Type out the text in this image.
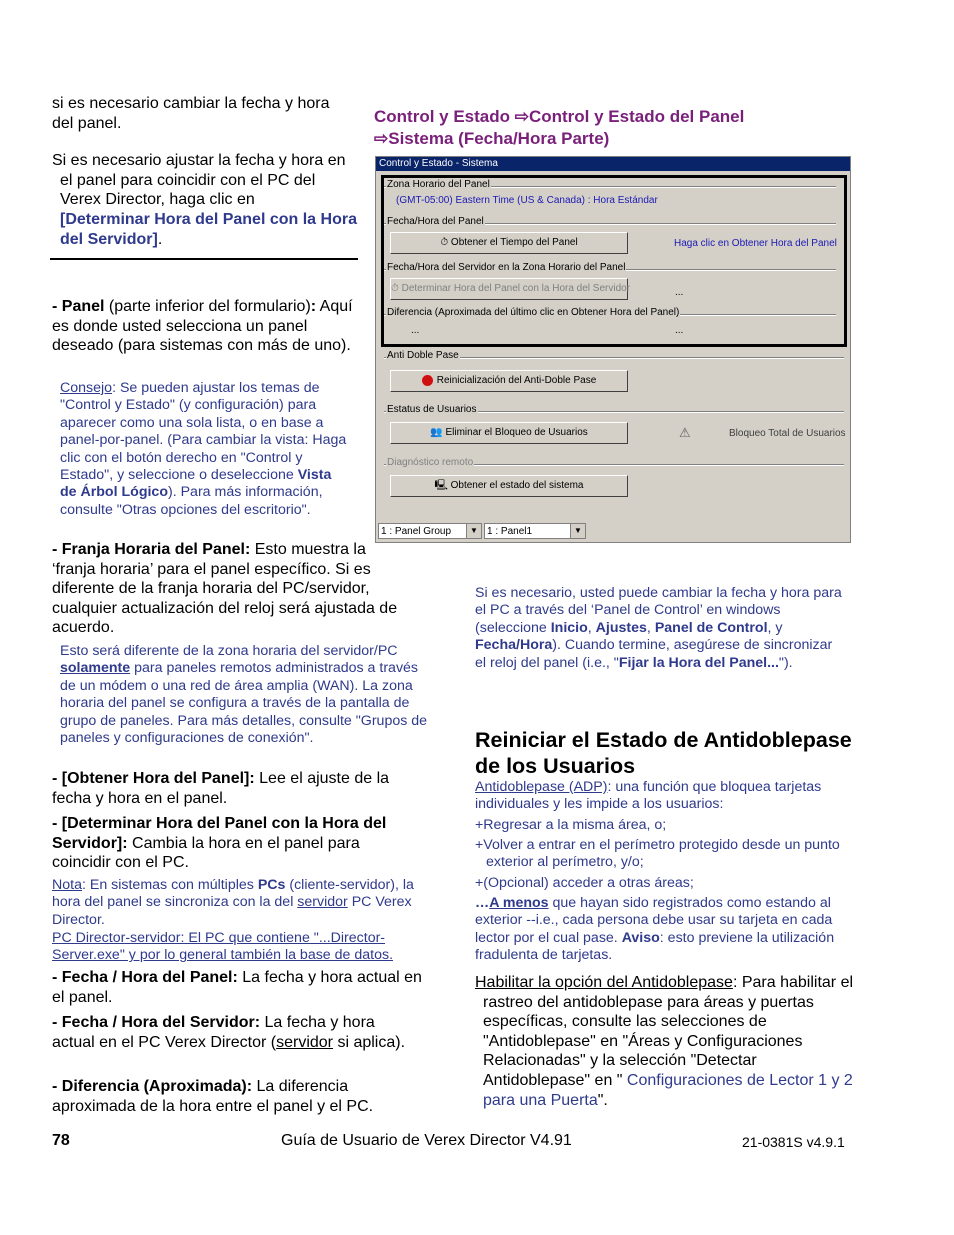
si es necesario cambiar la fecha y hora del panel.

Si es necesario ajustar la fecha y hora en el panel para coincidir con el PC del Verex Director, haga clic en

[Determinar Hora del Panel con la Hora del Servidor].

- Panel (parte inferior del formulario): Aquí es donde usted selecciona un panel deseado (para sistemas con más de uno).

Consejo: Se pueden ajustar los temas de "Control y Estado" (y configuración) para aparecer como una sola lista, o en base a panel-por-panel. (Para cambiar la vista: Haga clic con el botón derecho en "Control y Estado", y seleccione o deseleccione Vista de Árbol Lógico). Para más información, consulte "Otras opciones del escritorio".

- Franja Horaria del Panel: Esto muestra la ‘franja horaria’ para el panel específico. Si es diferente de la franja horaria del PC/servidor, cualquier actualización del reloj será ajustada de acuerdo.

Esto será diferente de la zona horaria del servidor/PC solamente para paneles remotos administrados a través de un módem o una red de área amplia (WAN). La zona horaria del panel se configura a través de la pantalla de grupo de paneles. Para más detalles, consulte "Grupos de paneles y configuraciones de conexión".

- [Obtener Hora del Panel]: Lee el ajuste de la fecha y hora en el panel.

- [Determinar Hora del Panel con la Hora del Servidor]: Cambia la hora en el panel para coincidir con el PC.

Nota: En sistemas con múltiples PCs (cliente-servidor), la hora del panel se sincroniza con la del servidor PC Verex Director.

PC Director-servidor: El PC que contiene "...Director-Server.exe" y por lo general también la base de datos.

- Fecha / Hora del Panel: La fecha y hora actual en el panel.

- Fecha / Hora del Servidor: La fecha y hora actual en el PC Verex Director (servidor si aplica).

- Diferencia (Aproximada): La diferencia aproximada de la hora entre el panel y el PC.

Control y Estado ⇨Control y Estado del Panel ⇨Sistema (Fecha/Hora Parte)

Control y Estado - Sistema
Zona Horario del Panel
(GMT-05:00) Eastern Time (US & Canada) : Hora Estándar
Fecha/Hora del Panel
⏱ Obtener el Tiempo del Panel	Haga clic en Obtener Hora del Panel
Fecha/Hora del Servidor en la Zona Horario del Panel
⏱ Determinar Hora del Panel con la Hora del Servidor	...
Diferencia (Aproximada del último clic en Obtener Hora del Panel)
...	...
Anti Doble Pase
Reinicialización del Anti-Doble Pase
Estatus de Usuarios
👥 Eliminar el Bloqueo de Usuarios	⚠	Bloqueo Total de Usuarios
Diagnóstico remoto
🖳 Obtener el estado del sistema
1 : Panel Group	▼ 1 : Panel1	▼

Si es necesario, usted puede cambiar la fecha y hora para el PC a través del ‘Panel de Control’ en windows (seleccione Inicio, Ajustes, Panel de Control, y Fecha/Hora). Cuando termine, asegúrese de sincronizar el reloj del panel (i.e., "Fijar la Hora del Panel...").

Reiniciar el Estado de Antidoblepase de los Usuarios

Antidoblepase (ADP): una función que bloquea tarjetas individuales y les impide a los usuarios:

+Regresar a la misma área, o;

+Volver a entrar en el perímetro protegido desde un punto exterior al perímetro, y/o;

+(Opcional) acceder a otras áreas;

…A menos que hayan sido registrados como estando al exterior --i.e., cada persona debe usar su tarjeta en cada lector por el cual pase. Aviso: esto previene la utilización fradulenta de tarjetas.

Habilitar la opción del Antidoblepase: Para habilitar el rastreo del antidoblepase para áreas y puertas específicas, consulte las selecciones de "Antidoblepase" en "Áreas y Configuraciones Relacionadas" y la selección "Detectar Antidoblepase" en " Configuraciones de Lector 1 y 2 para una Puerta".

78	Guía de Usuario de Verex Director V4.91	21-0381S v4.9.1
